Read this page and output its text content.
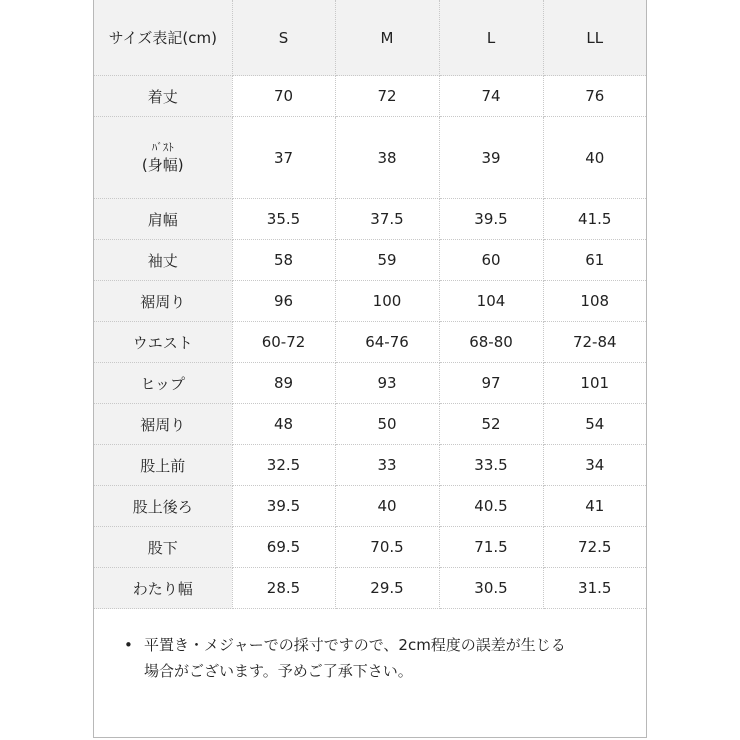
サイズ表記(cm)	S	M	L	LL
着丈	70	72	74	76

ﾊﾞｽﾄ
(身幅)	37	38	39	40
肩幅	35.5	37.5	39.5	41.5
袖丈	58	59	60	61
裾周り	96	100	104	108
ウエスト	60-72	64-76	68-80	72-84
ヒップ	89	93	97	101
裾周り	48	50	52	54
股上前	32.5	33	33.5	34
股上後ろ	39.5	40	40.5	41
股下	69.5	70.5	71.5	72.5
わたり幅	28.5	29.5	30.5	31.5
• 平置き・メジャーでの採寸ですので、2cm程度の誤差が生じる
場合がございます。予めご了承下さい。
